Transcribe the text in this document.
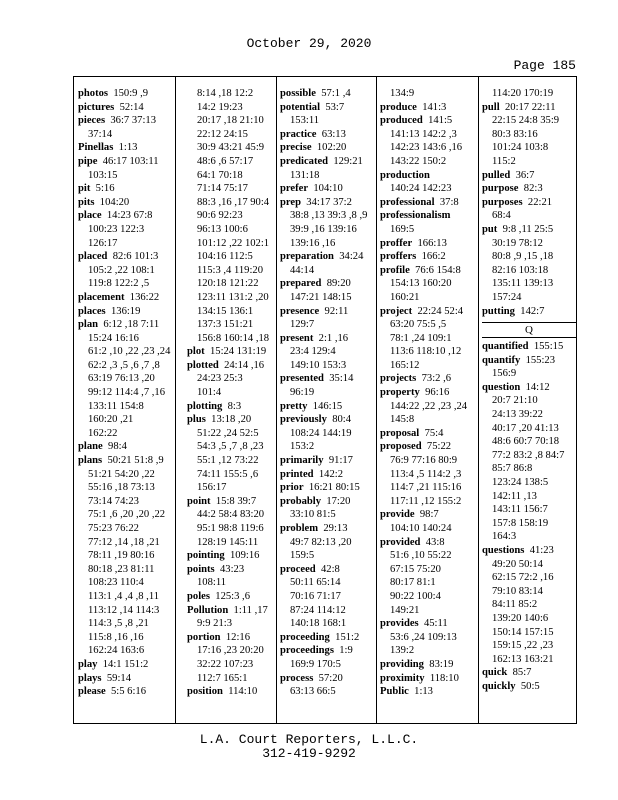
October 29, 2020
Page 185
photos 150:9 ,9
pictures 52:14
pieces 36:7 37:13
37:14
Pinellas 1:13
pipe 46:17 103:11
103:15
pit 5:16
pits 104:20
place 14:23 67:8
100:23 122:3
126:17
placed 82:6 101:3
105:2 ,22 108:1
119:8 122:2 ,5
placement 136:22
places 136:19
plan 6:12 ,18 7:11
15:24 16:16
61:2 ,10 ,22 ,23 ,24
62:2 ,3 ,5 ,6 ,7 ,8
63:19 76:13 ,20
99:12 114:4 ,7 ,16
133:11 154:8
160:20 ,21
162:22
plane 98:4
plans 50:21 51:8 ,9
51:21 54:20 ,22
55:16 ,18 73:13
73:14 74:23
75:1 ,6 ,20 ,20 ,22
75:23 76:22
77:12 ,14 ,18 ,21
78:11 ,19 80:16
80:18 ,23 81:11
108:23 110:4
113:1 ,4 ,4 ,8 ,11
113:12 ,14 114:3
114:3 ,5 ,8 ,21
115:8 ,16 ,16
162:24 163:6
play 14:1 151:2
plays 59:14
please 5:5 6:16
8:14 ,18 12:2
14:2 19:23
20:17 ,18 21:10
22:12 24:15
30:9 43:21 45:9
48:6 ,6 57:17
64:1 70:18
71:14 75:17
88:3 ,16 ,17 90:4
90:6 92:23
96:13 100:6
101:12 ,22 102:1
104:16 112:5
115:3 ,4 119:20
120:18 121:22
123:11 131:2 ,20
134:15 136:1
137:3 151:21
156:8 160:14 ,18
plot 15:24 131:19
plotted 24:14 ,16
24:23 25:3
101:4
plotting 8:3
plus 13:18 ,20
51:22 ,24 52:5
54:3 ,5 ,7 ,8 ,23
55:1 ,12 73:22
74:11 155:5 ,6
156:17
point 15:8 39:7
44:2 58:4 83:20
95:1 98:8 119:6
128:19 145:11
pointing 109:16
points 43:23
108:11
poles 125:3 ,6
Pollution 1:11 ,17
9:9 21:3
portion 12:16
17:16 ,23 20:20
32:22 107:23
112:7 165:1
position 114:10
possible 57:1 ,4
potential 53:7
153:11
practice 63:13
precise 102:20
predicated 129:21
131:18
prefer 104:10
prep 34:17 37:2
38:8 ,13 39:3 ,8 ,9
39:9 ,16 139:16
139:16 ,16
preparation 34:24
44:14
prepared 89:20
147:21 148:15
presence 92:11
129:7
present 2:1 ,16
23:4 129:4
149:10 153:3
presented 35:14
96:19
pretty 146:15
previously 80:4
108:24 144:19
153:2
primarily 91:17
printed 142:2
prior 16:21 80:15
probably 17:20
33:10 81:5
problem 29:13
49:7 82:13 ,20
159:5
proceed 42:8
50:11 65:14
70:16 71:17
87:24 114:12
140:18 168:1
proceeding 151:2
proceedings 1:9
169:9 170:5
process 57:20
63:13 66:5
134:9
produce 141:3
produced 141:5
141:13 142:2 ,3
142:23 143:6 ,16
143:22 150:2
production
140:24 142:23
professional 37:8
professionalism
169:5
proffer 166:13
proffers 166:2
profile 76:6 154:8
154:13 160:20
160:21
project 22:24 52:4
63:20 75:5 ,5
78:1 ,24 109:1
113:6 118:10 ,12
165:12
projects 73:2 ,6
property 96:16
144:22 ,22 ,23 ,24
145:8
proposal 75:4
proposed 75:22
76:9 77:16 80:9
113:4 ,5 114:2 ,3
114:7 ,21 115:16
117:11 ,12 155:2
provide 98:7
104:10 140:24
provided 43:8
51:6 ,10 55:22
67:15 75:20
80:17 81:1
90:22 100:4
149:21
provides 45:11
53:6 ,24 109:13
139:2
providing 83:19
proximity 118:10
Public 1:13
114:20 170:19
pull 20:17 22:11
22:15 24:8 35:9
80:3 83:16
101:24 103:8
115:2
pulled 36:7
purpose 82:3
purposes 22:21
68:4
put 9:8 ,11 25:5
30:19 78:12
80:8 ,9 ,15 ,18
82:16 103:18
135:11 139:13
157:24
putting 142:7
Q
quantified 155:15
quantify 155:23
156:9
question 14:12
20:7 21:10
24:13 39:22
40:17 ,20 41:13
48:6 60:7 70:18
77:2 83:2 ,8 84:7
85:7 86:8
123:24 138:5
142:11 ,13
143:11 156:7
157:8 158:19
164:3
questions 41:23
49:20 50:14
62:15 72:2 ,16
79:10 83:14
84:11 85:2
139:20 140:6
150:14 157:15
159:15 ,22 ,23
162:13 163:21
quick 85:7
quickly 50:5
L.A. Court Reporters, L.L.C.
312-419-9292
